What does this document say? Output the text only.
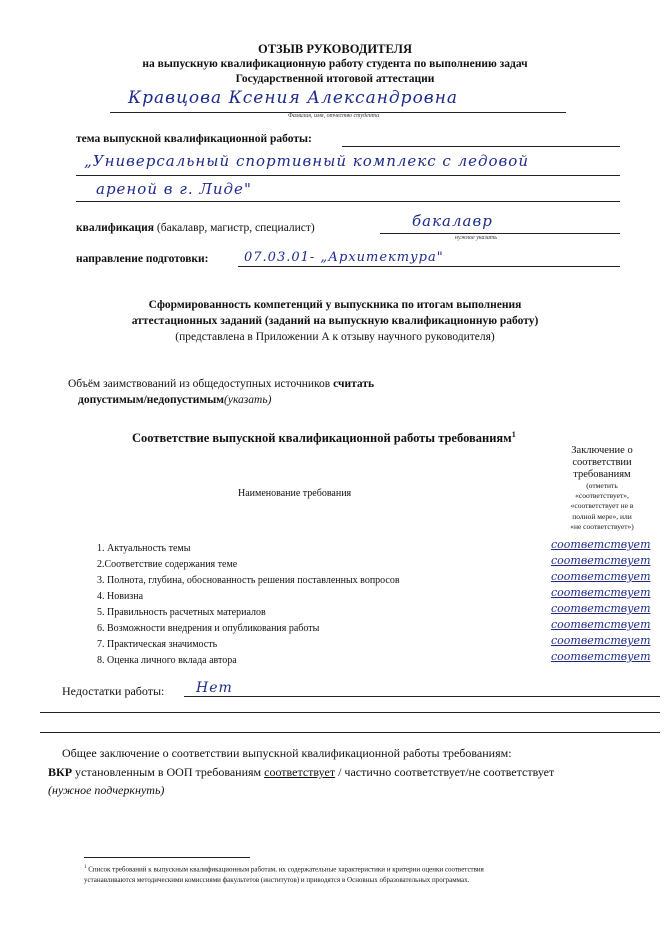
ОТЗЫВ РУКОВОДИТЕЛЯ
на выпускную квалификационную работу студента по выполнению задач
Государственной итоговой аттестации
Кравцова Ксения Александровна
Фамилия, имя, отчество студента
тема выпускной квалификационной работы:
„Универсальный спортивный комплекс с ледовой
ареной в г. Лиде"
квалификация (бакалавр, магистр, специалист)	бакалавр
нужное указать
направление подготовки:	07.03.01- „Архитектура"
Сформированность компетенций у выпускника по итогам выполнения
аттестационных заданий (заданий на выпускную квалификационную работу)
(представлена в Приложении А к отзыву научного руководителя)
Объём заимствований из общедоступных источников считать
допустимым/недопустимым(указать)
Соответствие выпускной квалификационной работы требованиям$^1$
Заключение о
соответствии
требованиям
(отметить
«соответствует»,
«соответствует не в
полной мере», или
«не соответствует»)
Наименование требования
1. Актуальность темы	соответствует
2.Соответствие содержания теме	соответствует
3. Полнота, глубина, обоснованность решения поставленных вопросов	соответствует
4. Новизна	соответствует
5. Правильность расчетных материалов	соответствует
6. Возможности внедрения и опубликования работы	соответствует
7. Практическая значимость	соответствует
8. Оценка личного вклада автора	соответствует
Недостатки работы: Нет
Общее заключение о соответствии выпускной квалификационной работы требованиям:
ВКР установленным в ООП требованиям соответствует / частично соответствует/не соответствует
(нужное подчеркнуть)
$^1$ Список требований к выпускным квалификационным работам, их содержательные характеристики и критерии оценки соответствия
устанавливаются методическими комиссиями факультетов (институтов) и приводятся в Основных образовательных программах.
